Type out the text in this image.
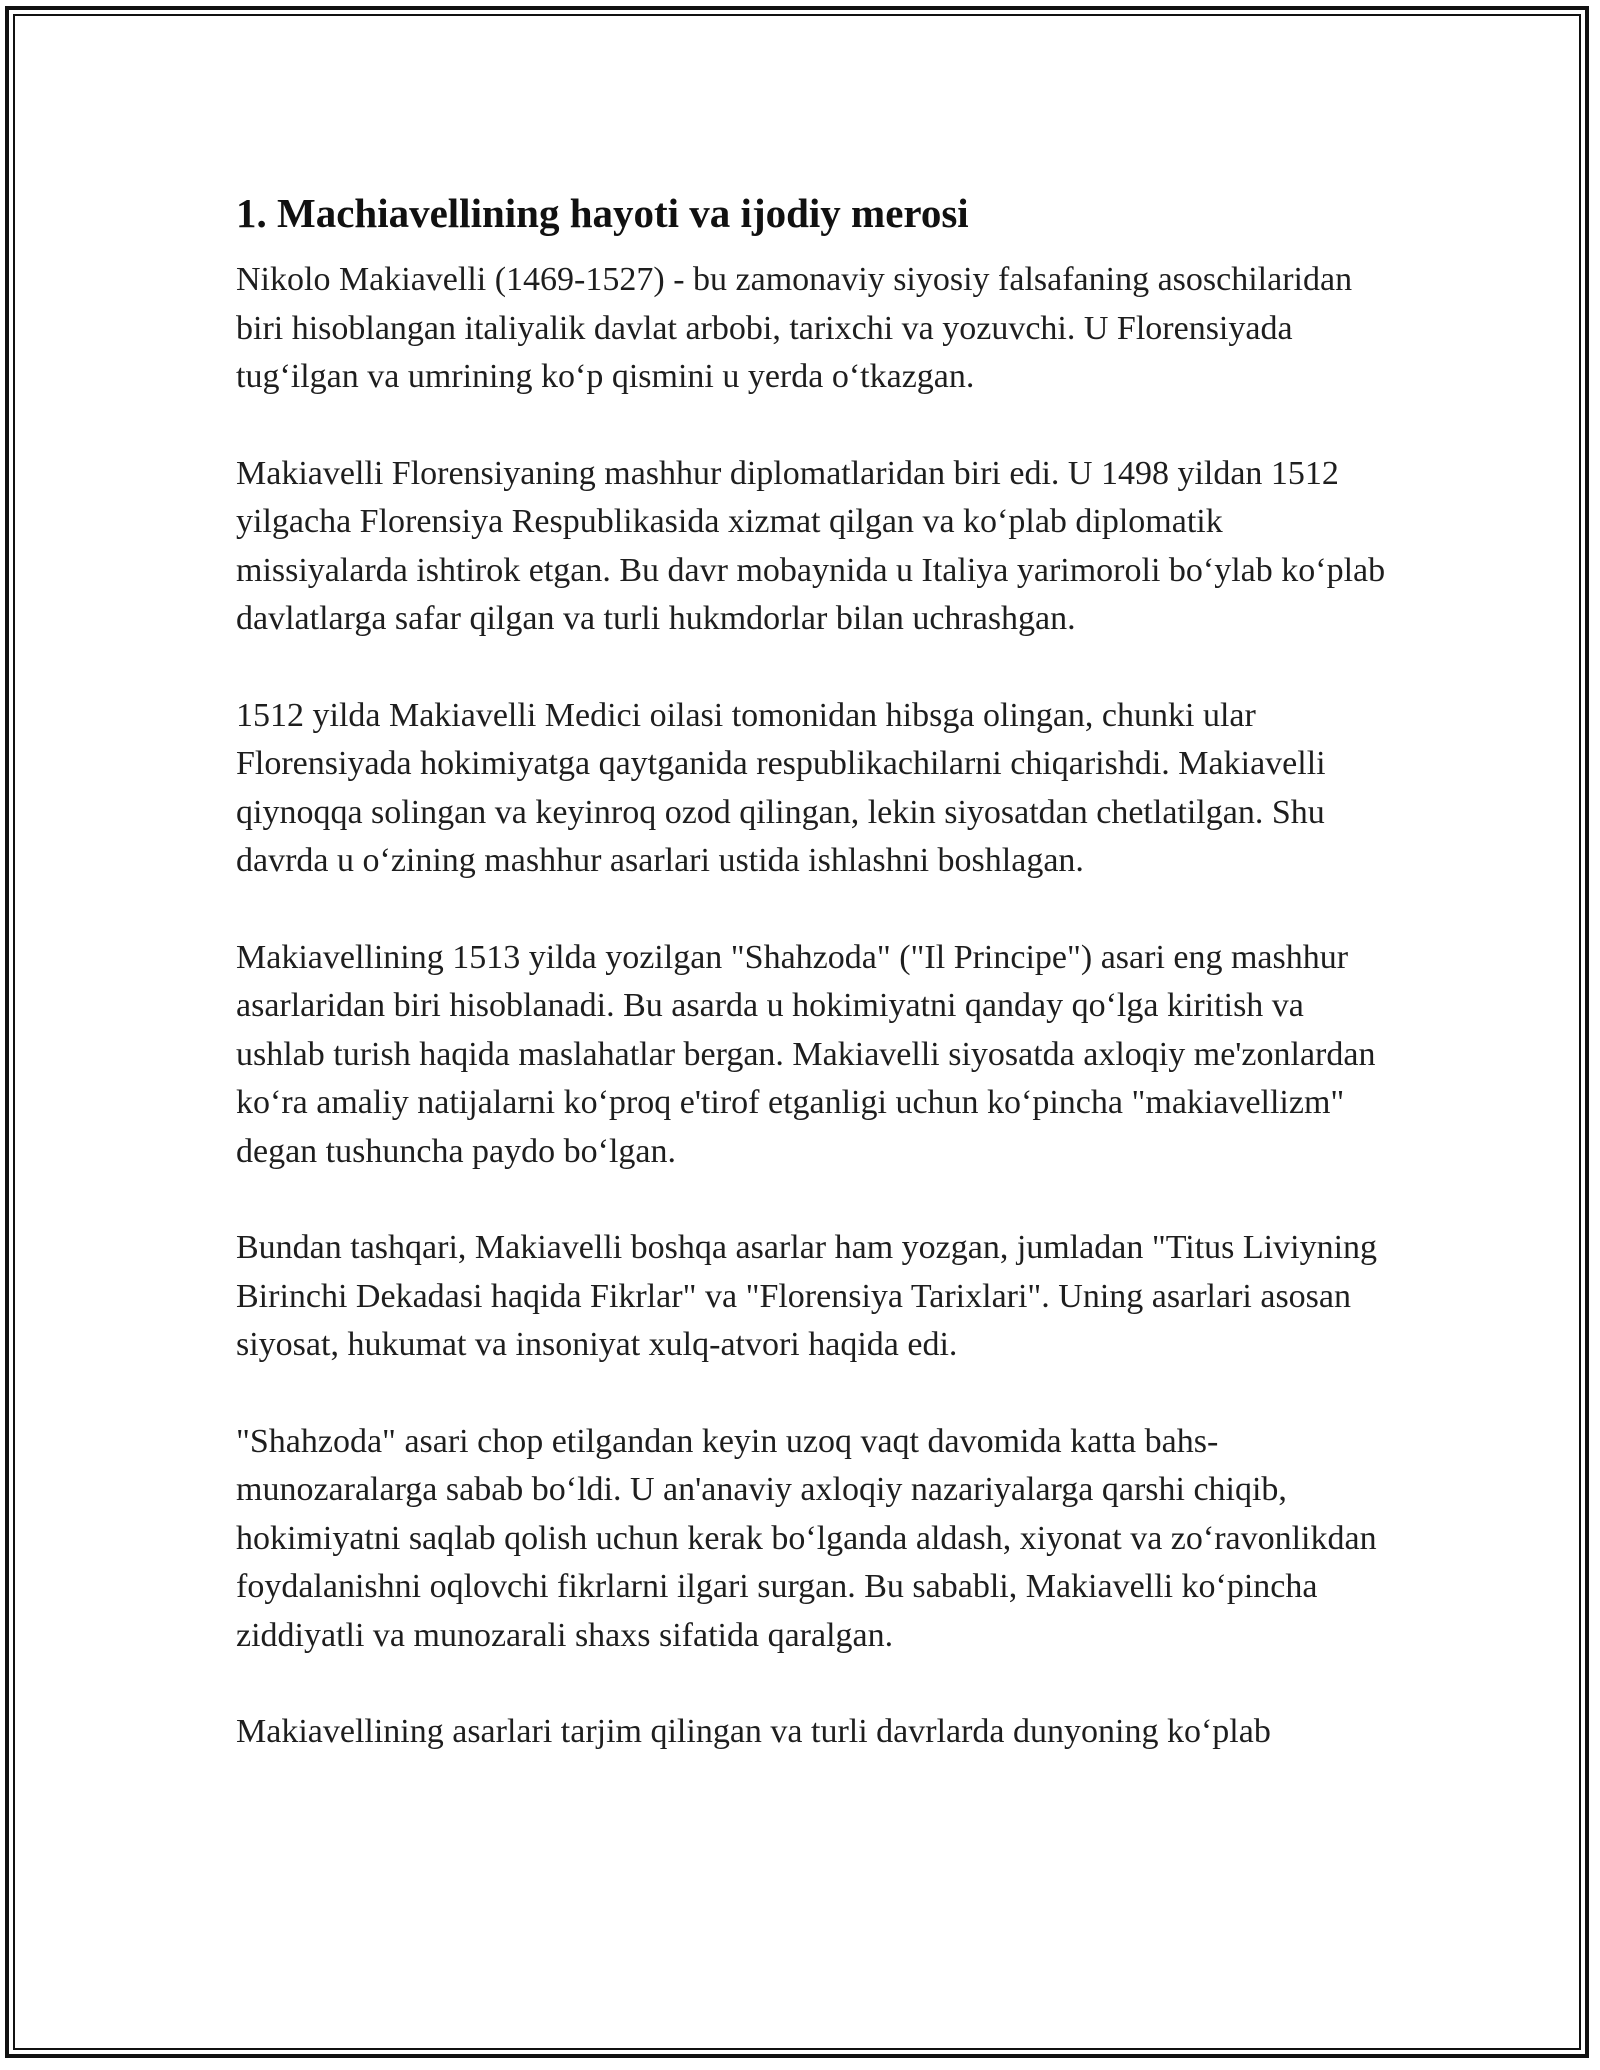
1. Machiavellining hayoti va ijodiy merosi

Nikolo Makiavelli (1469-1527) - bu zamonaviy siyosiy falsafaning asoschilaridan biri hisoblangan italiyalik davlat arbobi, tarixchi va yozuvchi. U Florensiyada tug‘ilgan va umrining ko‘p qismini u yerda o‘tkazgan.

Makiavelli Florensiyaning mashhur diplomatlaridan biri edi. U 1498 yildan 1512 yilgacha Florensiya Respublikasida xizmat qilgan va ko‘plab diplomatik missiyalarda ishtirok etgan. Bu davr mobaynida u Italiya yarimoroli bo‘ylab ko‘plab davlatlarga safar qilgan va turli hukmdorlar bilan uchrashgan.

1512 yilda Makiavelli Medici oilasi tomonidan hibsga olingan, chunki ular Florensiyada hokimiyatga qaytganida respublikachilarni chiqarishdi. Makiavelli qiynoqqa solingan va keyinroq ozod qilingan, lekin siyosatdan chetlatilgan. Shu davrda u o‘zining mashhur asarlari ustida ishlashni boshlagan.

Makiavellining 1513 yilda yozilgan "Shahzoda" ("Il Principe") asari eng mashhur asarlaridan biri hisoblanadi. Bu asarda u hokimiyatni qanday qo‘lga kiritish va ushlab turish haqida maslahatlar bergan. Makiavelli siyosatda axloqiy me'zonlardan ko‘ra amaliy natijalarni ko‘proq e'tirof etganligi uchun ko‘pincha "makiavellizm" degan tushuncha paydo bo‘lgan.

Bundan tashqari, Makiavelli boshqa asarlar ham yozgan, jumladan "Titus Liviyning Birinchi Dekadasi haqida Fikrlar" va "Florensiya Tarixlari". Uning asarlari asosan siyosat, hukumat va insoniyat xulq-atvori haqida edi.

"Shahzoda" asari chop etilgandan keyin uzoq vaqt davomida katta bahs-munozaralarga sabab bo‘ldi. U an'anaviy axloqiy nazariyalarga qarshi chiqib, hokimiyatni saqlab qolish uchun kerak bo‘lganda aldash, xiyonat va zo‘ravonlikdan foydalanishni oqlovchi fikrlarni ilgari surgan. Bu sababli, Makiavelli ko‘pincha ziddiyatli va munozarali shaxs sifatida qaralgan.

Makiavellining asarlari tarjim qilingan va turli davrlarda dunyoning ko‘plab
